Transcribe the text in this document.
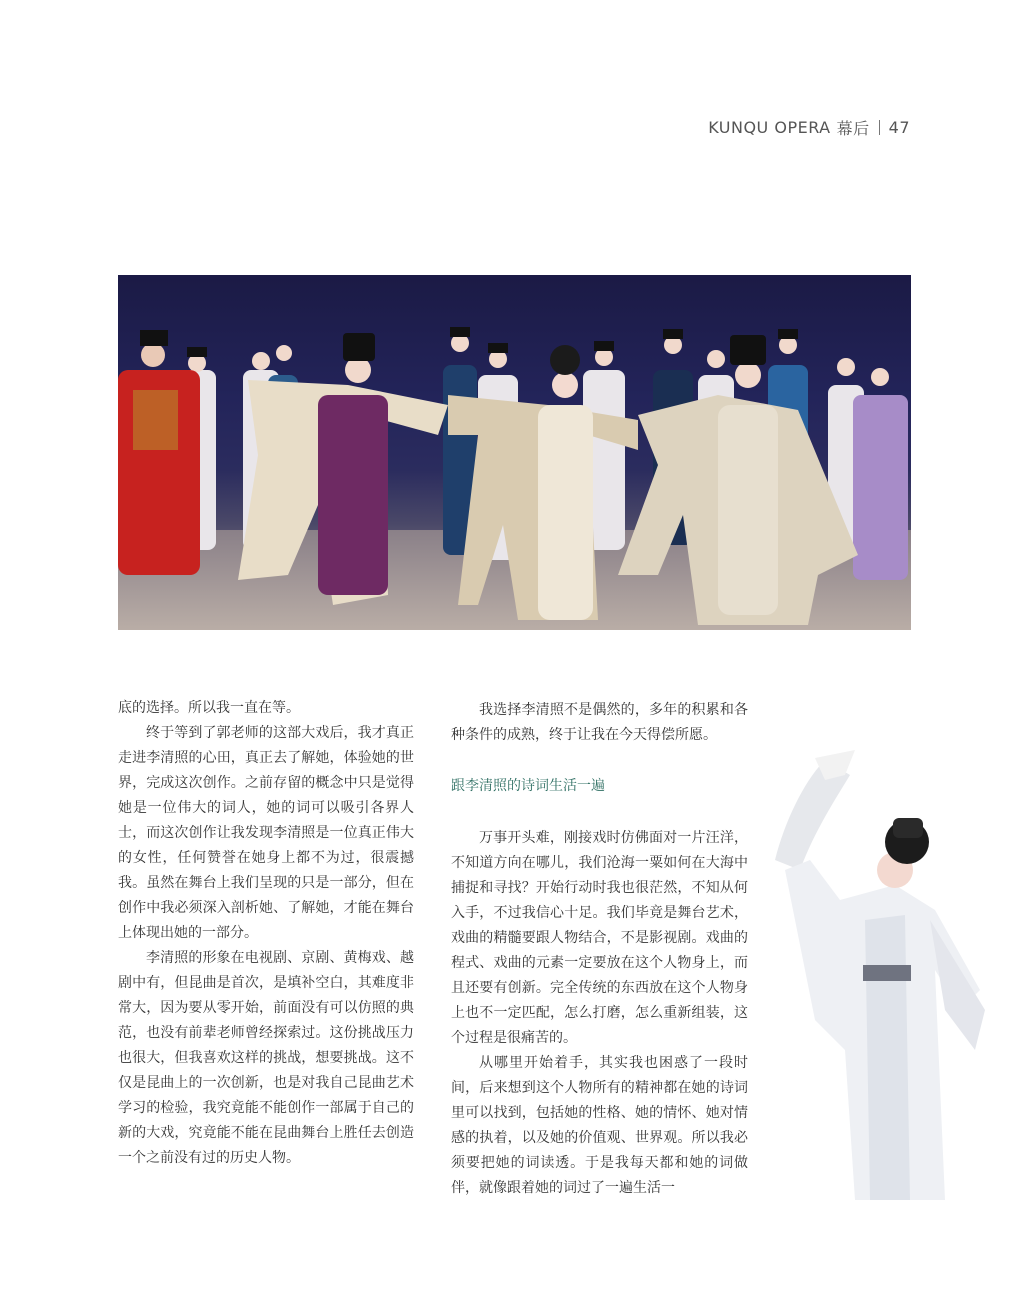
KUNQU OPERA 幕后 47

底的选择。所以我一直在等。

终于等到了郭老师的这部大戏后，我才真正走进李清照的心田，真正去了解她，体验她的世界，完成这次创作。之前存留的概念中只是觉得她是一位伟大的词人，她的词可以吸引各界人士，而这次创作让我发现李清照是一位真正伟大的女性，任何赞誉在她身上都不为过，很震撼我。虽然在舞台上我们呈现的只是一部分，但在创作中我必须深入剖析她、了解她，才能在舞台上体现出她的一部分。

李清照的形象在电视剧、京剧、黄梅戏、越剧中有，但昆曲是首次，是填补空白，其难度非常大，因为要从零开始，前面没有可以仿照的典范，也没有前辈老师曾经探索过。这份挑战压力也很大，但我喜欢这样的挑战，想要挑战。这不仅是昆曲上的一次创新，也是对我自己昆曲艺术学习的检验，我究竟能不能创作一部属于自己的新的大戏，究竟能不能在昆曲舞台上胜任去创造一个之前没有过的历史人物。

我选择李清照不是偶然的，多年的积累和各种条件的成熟，终于让我在今天得偿所愿。

跟李清照的诗词生活一遍

万事开头难，刚接戏时仿佛面对一片汪洋，不知道方向在哪儿，我们沧海一粟如何在大海中捕捉和寻找？开始行动时我也很茫然，不知从何入手，不过我信心十足。我们毕竟是舞台艺术，戏曲的精髓要跟人物结合，不是影视剧。戏曲的程式、戏曲的元素一定要放在这个人物身上，而且还要有创新。完全传统的东西放在这个人物身上也不一定匹配，怎么打磨，怎么重新组装，这个过程是很痛苦的。

从哪里开始着手，其实我也困惑了一段时间，后来想到这个人物所有的精神都在她的诗词里可以找到，包括她的性格、她的情怀、她对情感的执着，以及她的价值观、世界观。所以我必须要把她的词读透。于是我每天都和她的词做伴，就像跟着她的词过了一遍生活一
